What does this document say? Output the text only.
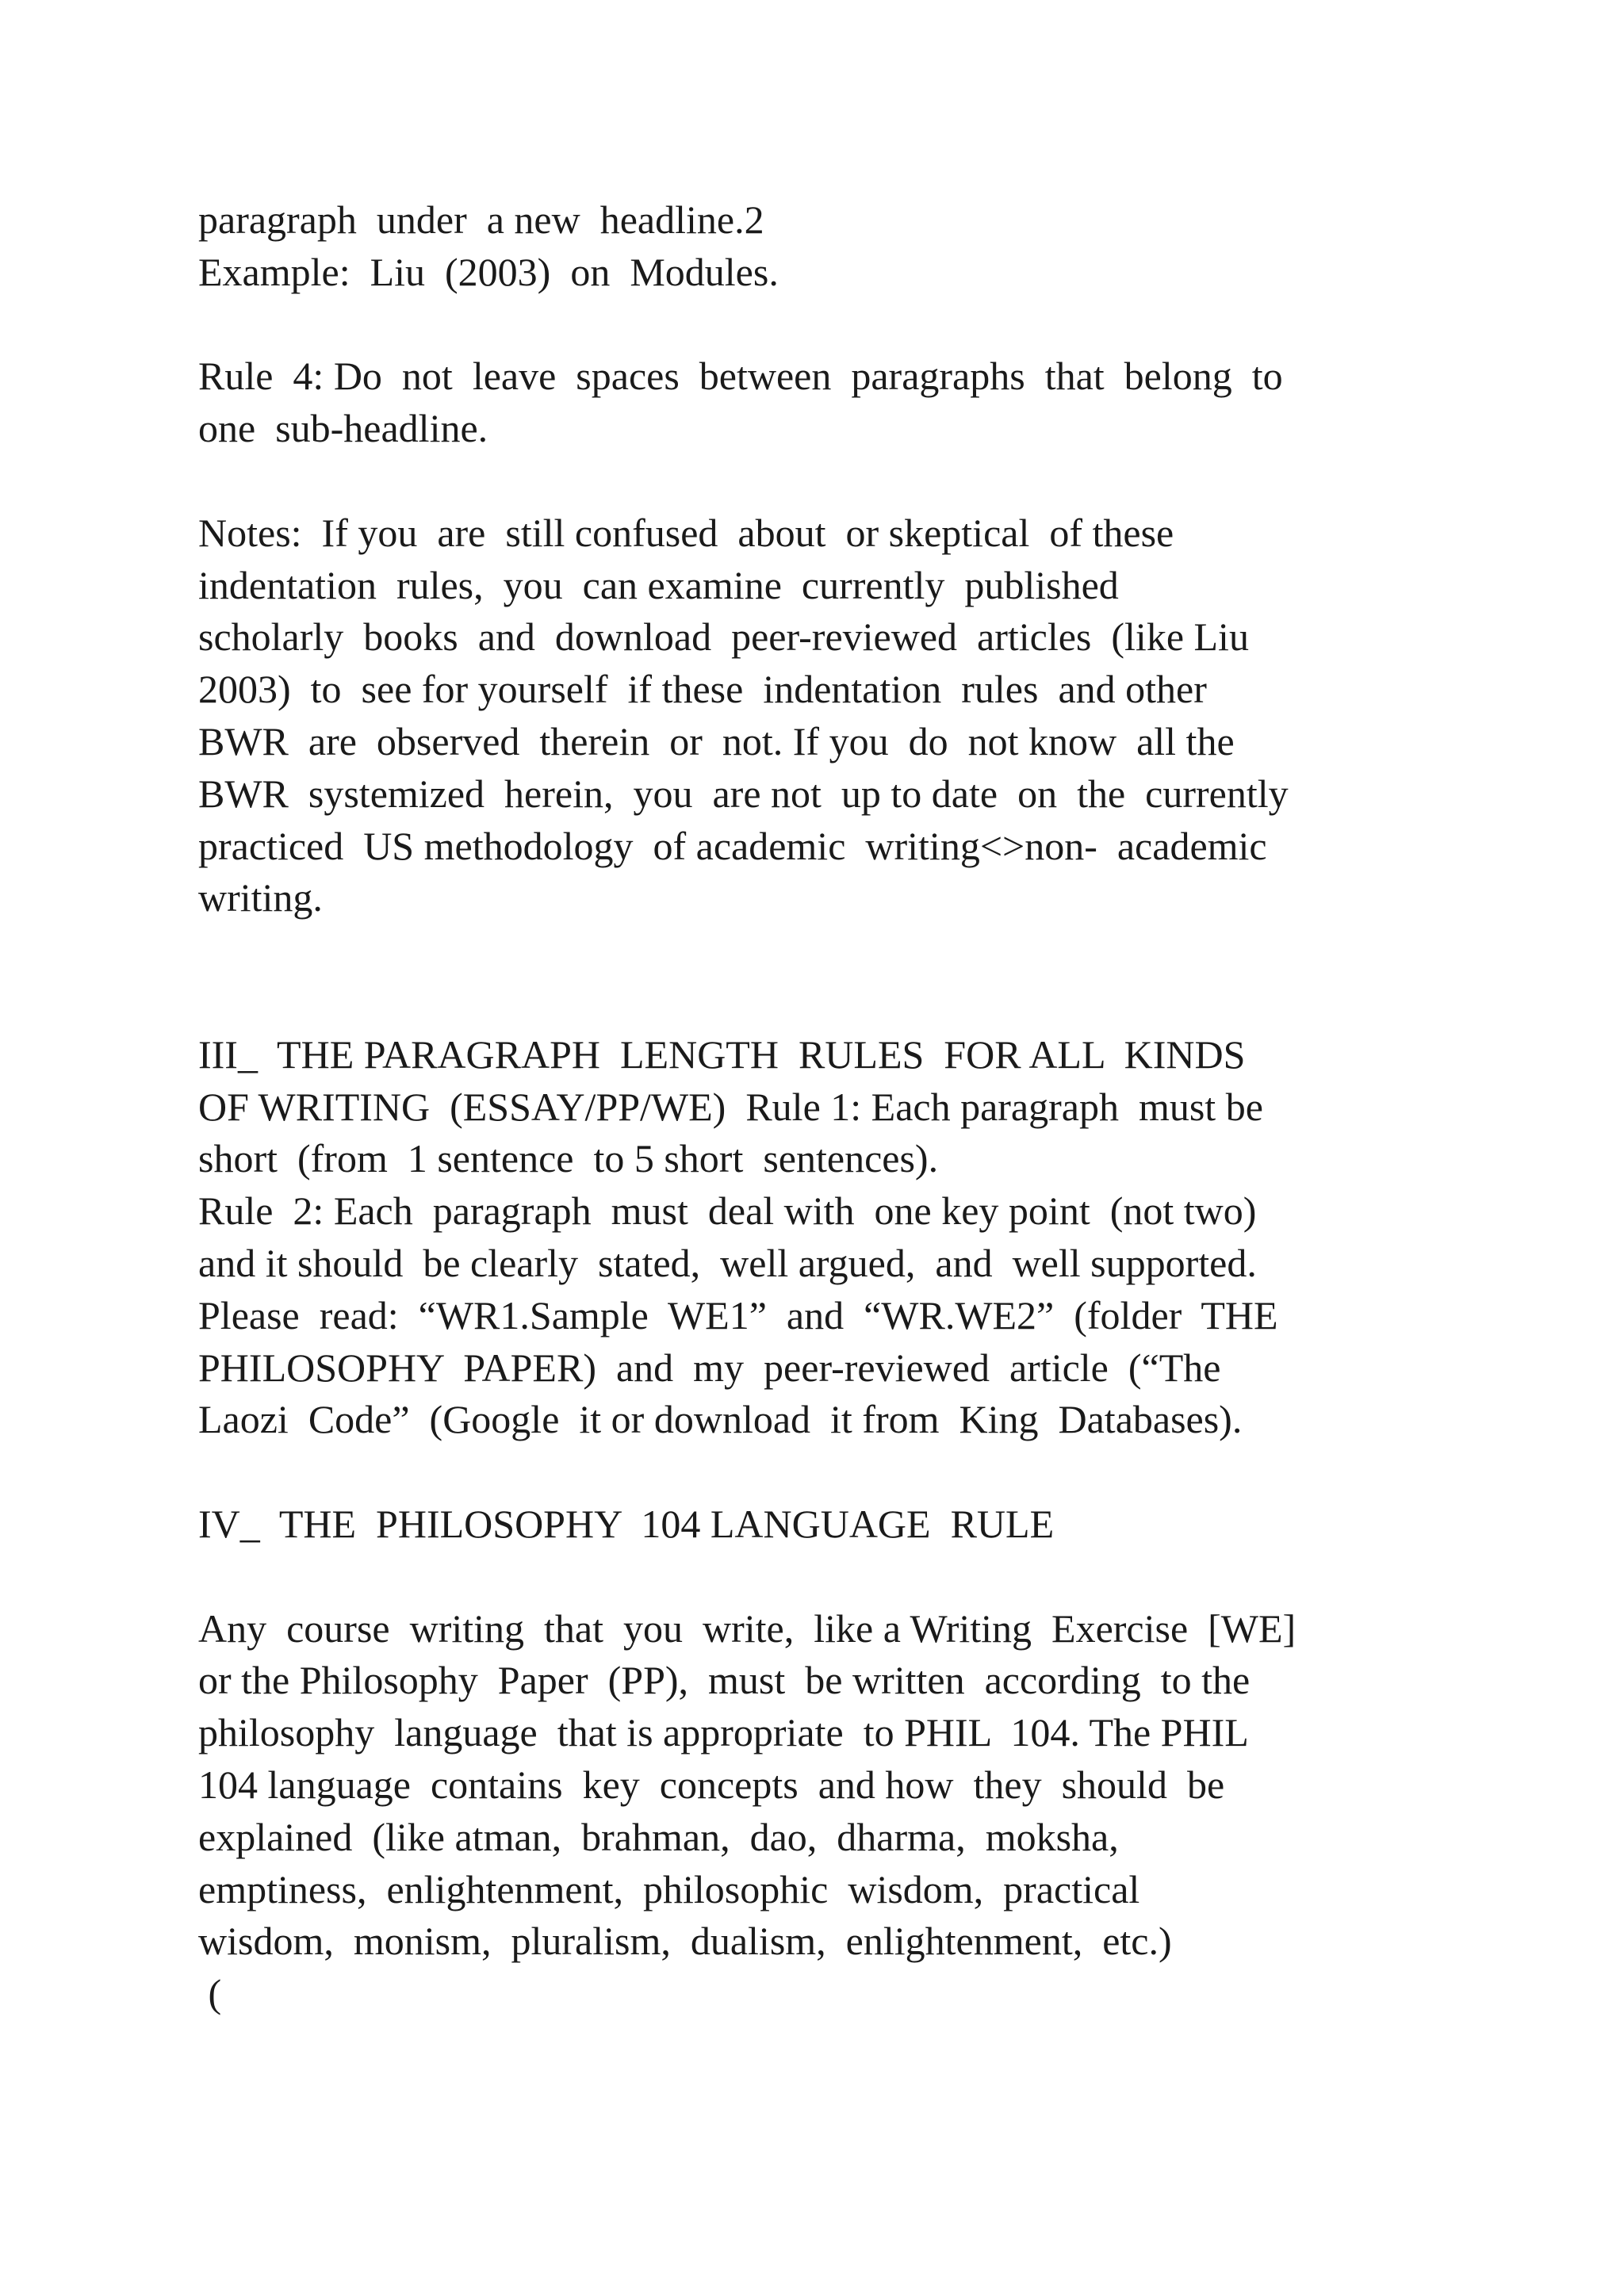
paragraph  under  a new  headline.2
Example:  Liu  (2003)  on  Modules.
Rule  4: Do  not  leave  spaces  between  paragraphs  that  belong  to
one  sub-headline.
Notes:  If you  are  still confused  about  or skeptical  of these
indentation  rules,  you  can examine  currently  published
scholarly  books  and  download  peer-reviewed  articles  (like Liu
2003)  to  see for yourself  if these  indentation  rules  and other
BWR  are  observed  therein  or  not. If you  do  not know  all the
BWR  systemized  herein,  you  are not  up to date  on  the  currently
practiced  US methodology  of academic  writing<>non-  academic
writing.
III_  THE PARAGRAPH  LENGTH  RULES  FOR ALL  KINDS
OF WRITING  (ESSAY/PP/WE)  Rule 1: Each paragraph  must be
short  (from  1 sentence  to 5 short  sentences).
Rule  2: Each  paragraph  must  deal with  one key point  (not two)
and it should  be clearly  stated,  well argued,  and  well supported.
Please  read:  “WR1.Sample  WE1”  and  “WR.WE2”  (folder  THE
PHILOSOPHY  PAPER)  and  my  peer-reviewed  article  (“The
Laozi  Code”  (Google  it or download  it from  King  Databases).
IV_  THE  PHILOSOPHY  104 LANGUAGE  RULE
Any  course  writing  that  you  write,  like a Writing  Exercise  [WE]
or the Philosophy  Paper  (PP),  must  be written  according  to the
philosophy  language  that is appropriate  to PHIL  104. The PHIL
104 language  contains  key  concepts  and how  they  should  be
explained  (like atman,  brahman,  dao,  dharma,  moksha,
emptiness,  enlightenment,  philosophic  wisdom,  practical
wisdom,  monism,  pluralism,  dualism,  enlightenment,  etc.)
(
